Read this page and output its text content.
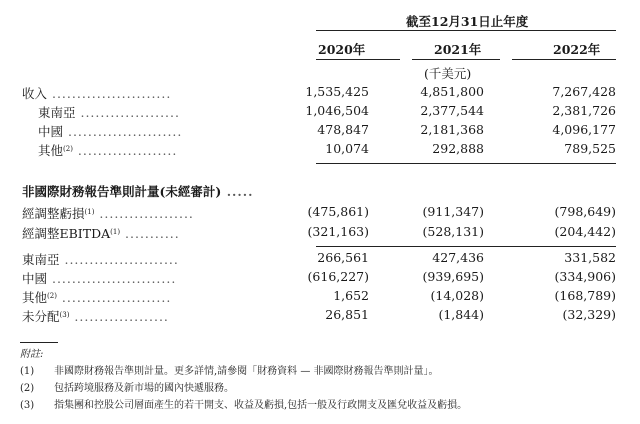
截至12月31日止年度
2020年	2021年	2022年
(千美元)
收入 ........................	1,535,425	4,851,800	7,267,428
東南亞 ....................	1,046,504	2,377,544	2,381,726
中國 .......................	478,847	2,181,368	4,096,177
其他$^{(2)}$ ....................	10,074	292,888	789,525
非國際財務報告準則計量(未經審計) .....
經調整虧損$^{(1)}$ ...................	(475,861)	(911,347)	(798,649)
經調整EBITDA$^{(1)}$ ...........	(321,163)	(528,131)	(204,442)
東南亞 .......................	266,561	427,436	331,582
中國 .........................	(616,227)	(939,695)	(334,906)
其他$^{(2)}$ ......................	1,652	(14,028)	(168,789)
未分配$^{(3)}$ ...................	26,851	(1,844)	(32,329)
附註:
(1) 非國際財務報告準則計量。更多詳情,請參閱「財務資料 — 非國際財務報告準則計量」。
(2) 包括跨境服務及新市場的國內快遞服務。
(3) 指集團和控股公司層面產生的若干開支、收益及虧損,包括一般及行政開支及匯兌收益及虧損。
